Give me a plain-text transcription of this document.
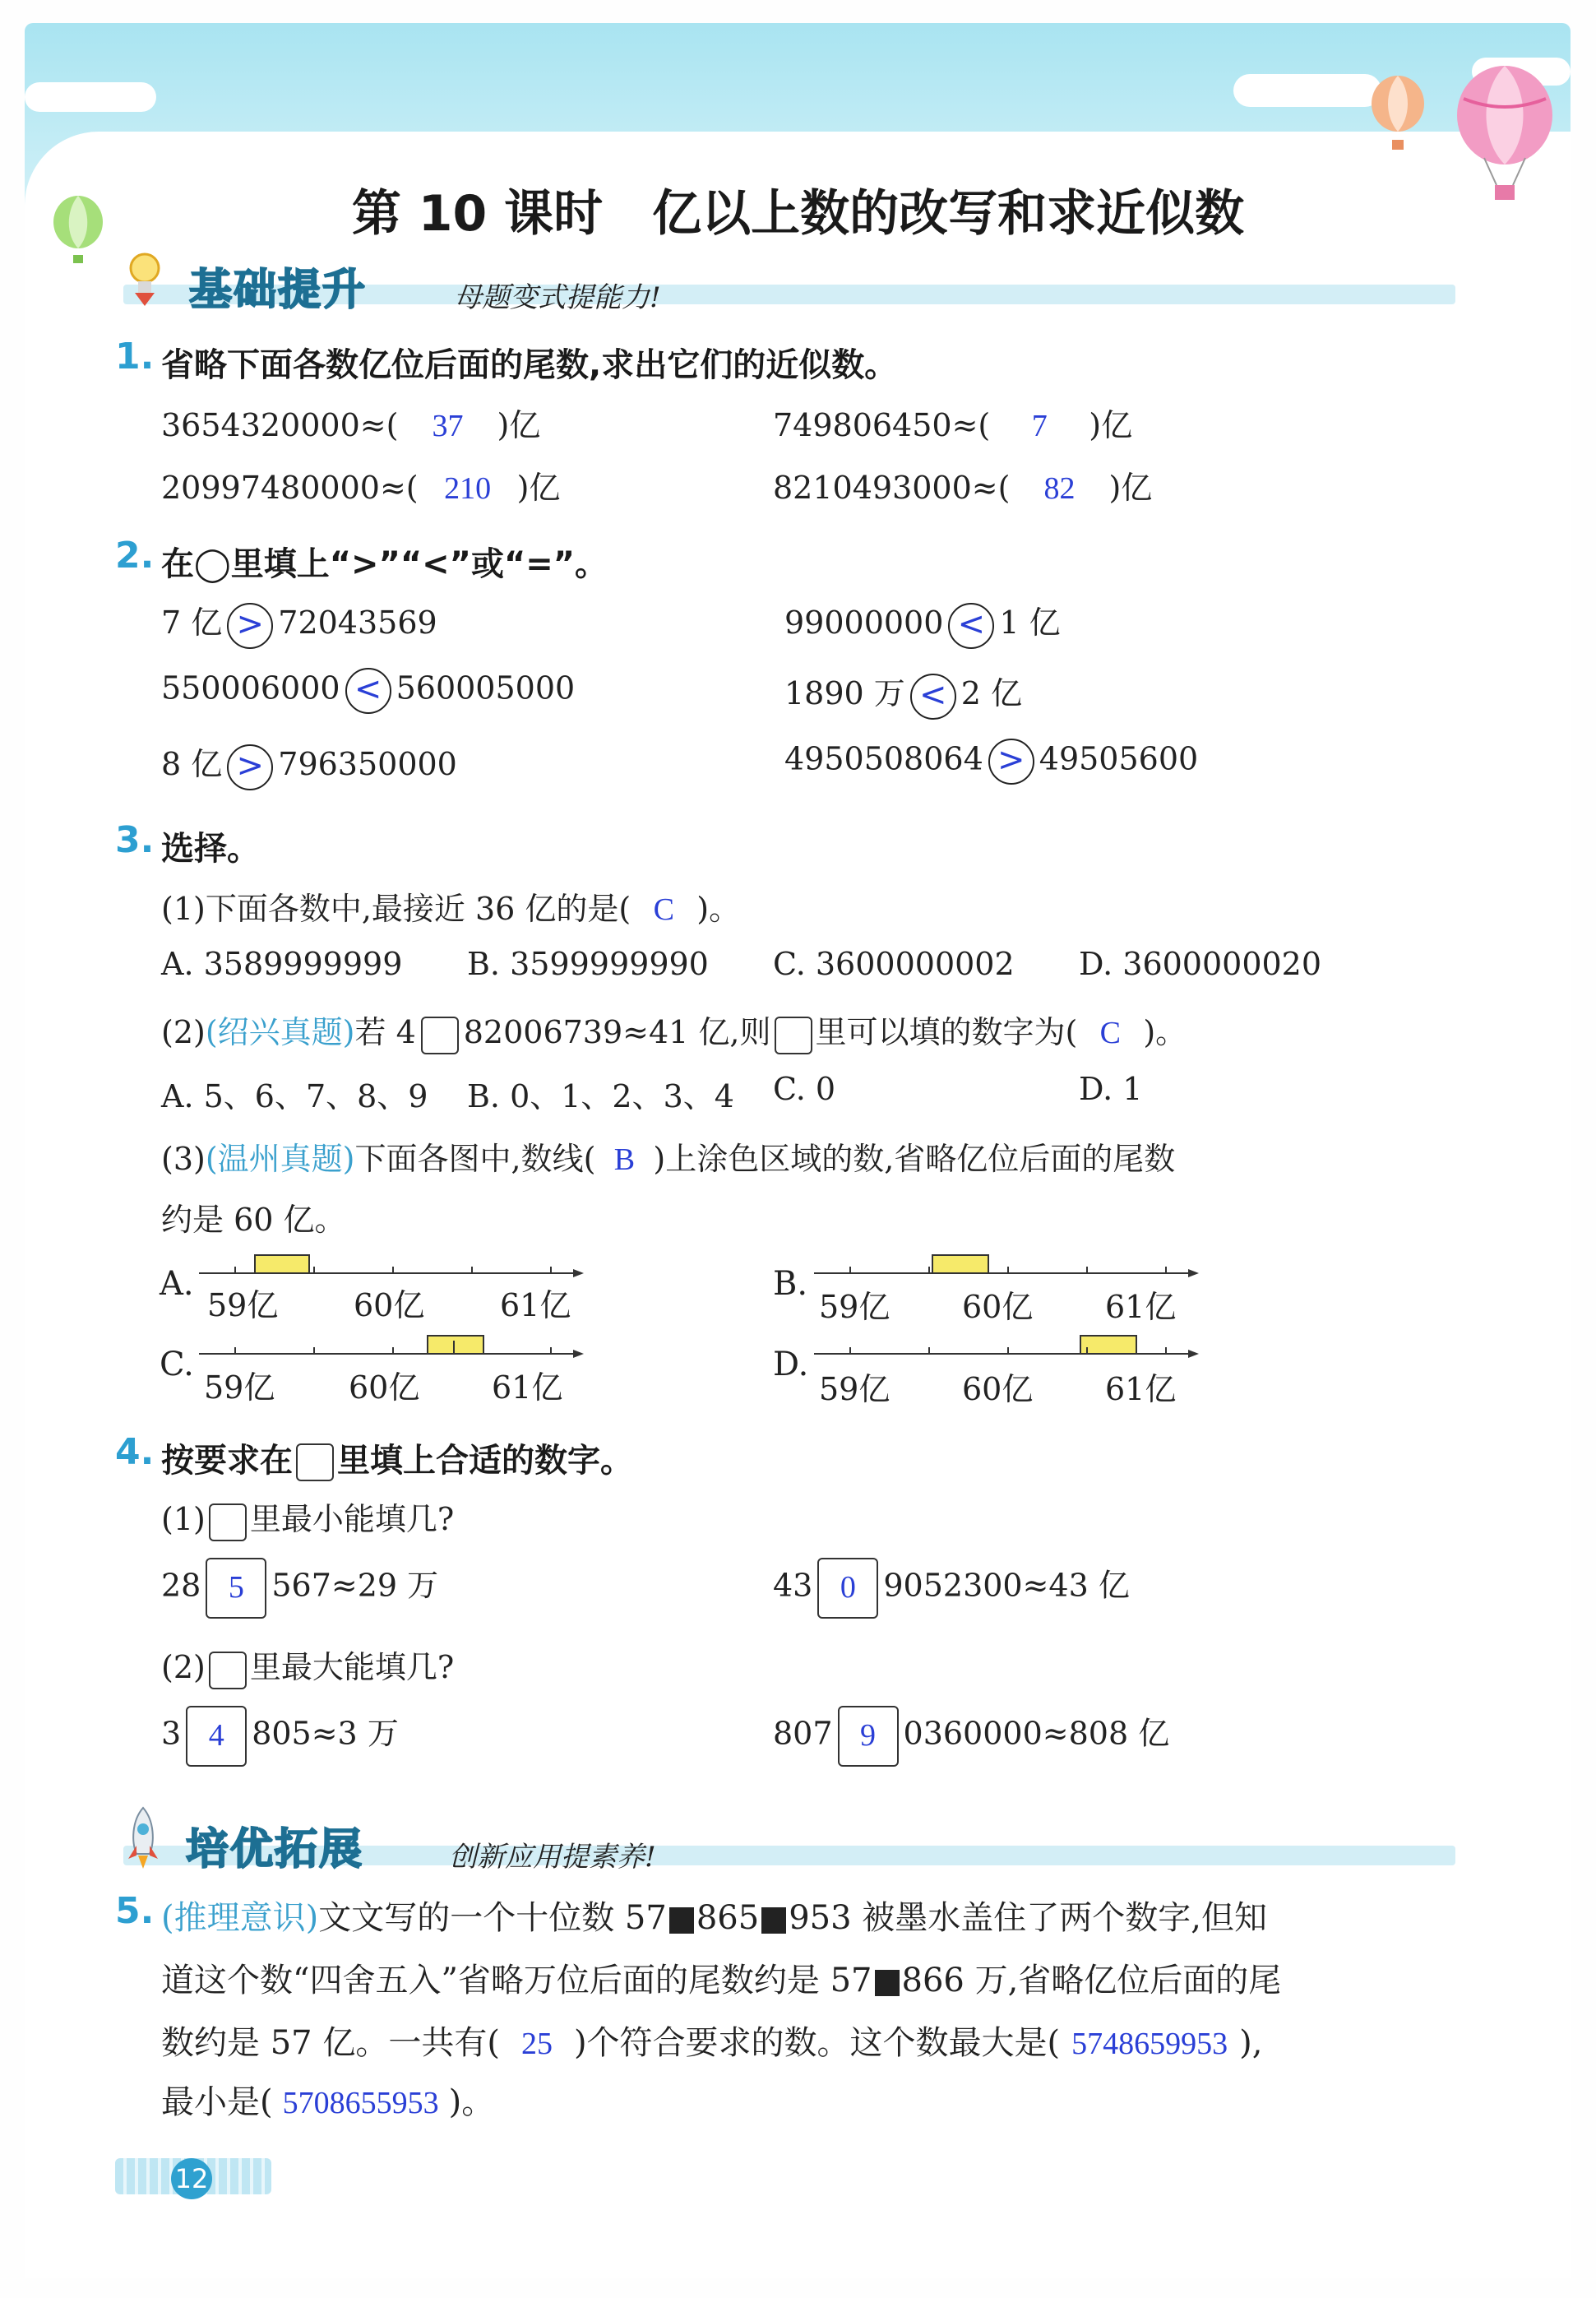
第 10 课时 亿以上数的改写和求近似数
基础提升	母题变式提能力!
1. 省略下面各数亿位后面的尾数,求出它们的近似数。
3654320000≈( 37 )亿	749806450≈( 7 )亿
20997480000≈( 210 )亿	8210493000≈( 82 )亿
2. 在◯里填上“>”“<”或“=”。
7 亿 > 72043569	99000000 < 1 亿
550006000 < 560005000	1890 万 < 2 亿
8 亿 > 796350000	4950508064 > 49505600
3. 选择。
(1)下面各数中,最接近 36 亿的是( C )。
A. 3589999999 B. 3599999990 C. 3600000002 D. 3600000020
(2)(绍兴真题)若 4 82006739≈41 亿,则 里可以填的数字为( C )。
A. 5、6、7、8、9 B. 0、1、2、3、4 C. 0	D. 1
(3)(温州真题)下面各图中,数线( B )上涂色区域的数,省略亿位后面的尾数
约是 60 亿。
A.	B.
C.	D.
59亿 60亿 61亿	59亿 60亿 61亿
59亿 60亿 61亿	59亿 60亿 61亿
4. 按要求在 里填上合适的数字。
(1) 里最小能填几?
28 5 567≈29 万	43 0 9052300≈43 亿
(2) 里最大能填几?
3 4 805≈3 万	807 9 0360000≈808 亿
培优拓展	创新应用提素养!
5. (推理意识)文文写的一个十位数 57 865 953 被墨水盖住了两个数字,但知
道这个数“四舍五入”省略万位后面的尾数约是 57 866 万,省略亿位后面的尾
数约是 57 亿。一共有( 25 )个符合要求的数。这个数最大是( 5748659953 ),
最小是( 5708655953 )。
12
